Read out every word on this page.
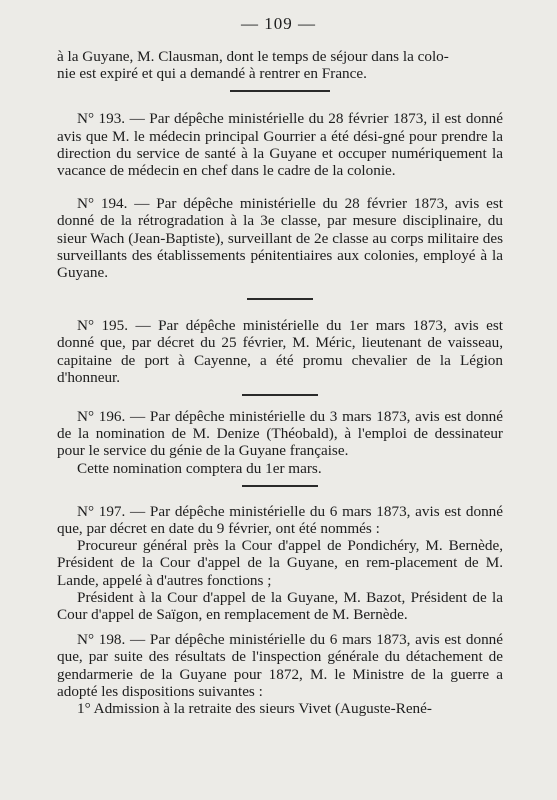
— 109 —

à la Guyane, M. Clausman, dont le temps de séjour dans la colo-
nie est expiré et qui a demandé à rentrer en France.

N° 193. — Par dépêche ministérielle du 28 février 1873, il est donné avis que M. le médecin principal Gourrier a été dési-gné pour prendre la direction du service de santé à la Guyane et occuper numériquement la vacance de médecin en chef dans le cadre de la colonie.

N° 194. — Par dépêche ministérielle du 28 février 1873, avis est donné de la rétrogradation à la 3e classe, par mesure disciplinaire, du sieur Wach (Jean-Baptiste), surveillant de 2e classe au corps militaire des surveillants des établissements pénitentiaires aux colonies, employé à la Guyane.

N° 195. — Par dépêche ministérielle du 1er mars 1873, avis est donné que, par décret du 25 février, M. Méric, lieutenant de vaisseau, capitaine de port à Cayenne, a été promu chevalier de la Légion d'honneur.

N° 196. — Par dépêche ministérielle du 3 mars 1873, avis est donné de la nomination de M. Denize (Théobald), à l'emploi de dessinateur pour le service du génie de la Guyane française.

Cette nomination comptera du 1er mars.

N° 197. — Par dépêche ministérielle du 6 mars 1873, avis est donné que, par décret en date du 9 février, ont été nommés :

Procureur général près la Cour d'appel de Pondichéry, M. Bernède, Président de la Cour d'appel de la Guyane, en rem-placement de M. Lande, appelé à d'autres fonctions ;

Président à la Cour d'appel de la Guyane, M. Bazot, Président de la Cour d'appel de Saïgon, en remplacement de M. Bernède.

N° 198. — Par dépêche ministérielle du 6 mars 1873, avis est donné que, par suite des résultats de l'inspection générale du détachement de gendarmerie de la Guyane pour 1872, M. le Ministre de la guerre a adopté les dispositions suivantes :

1° Admission à la retraite des sieurs Vivet (Auguste-René-
